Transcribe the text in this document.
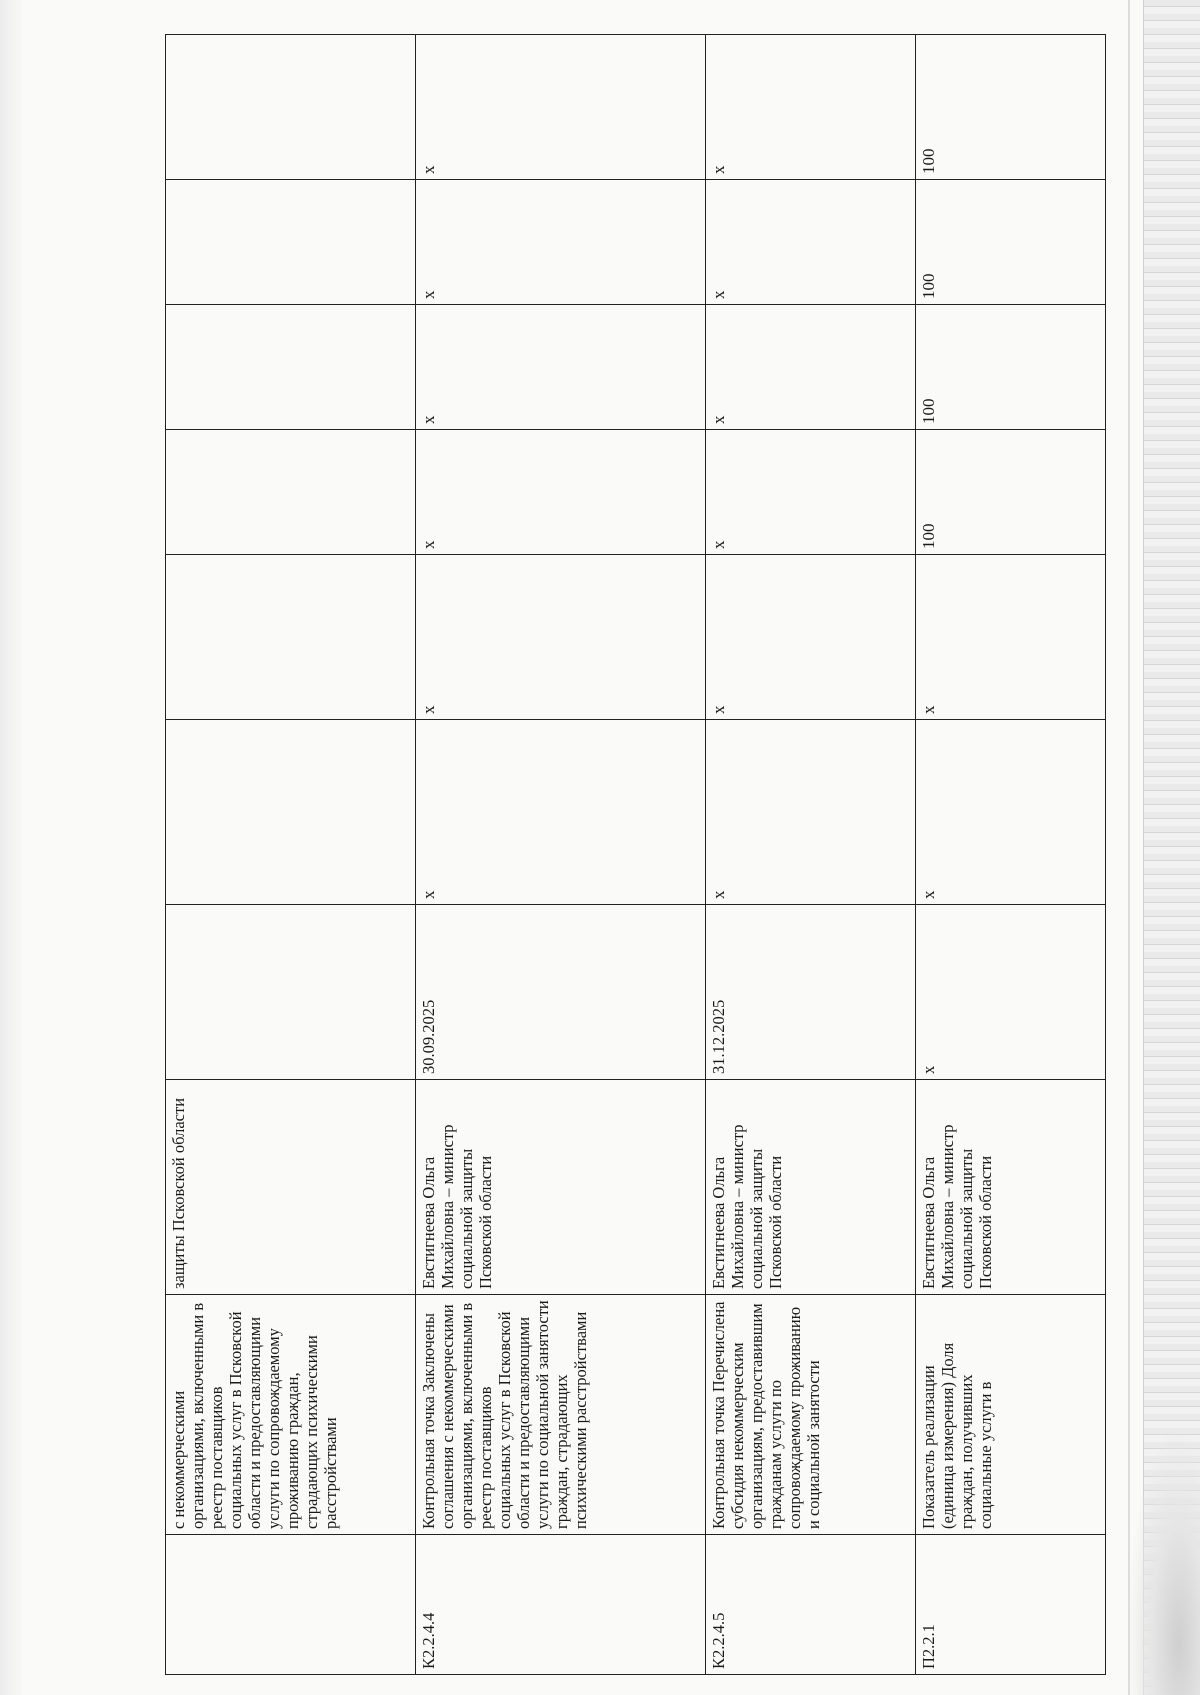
	с некоммерческими организациями, включенными в реестр поставщиков социальных услуг в Псковской области и предоставляющими услуги по сопровождаемому проживанию граждан, страдающих психическими расстройствами	защиты Псковской области							
К2.2.4.4	Контрольная точка Заключены соглашения с некоммерческими организациями, включенными в реестр поставщиков социальных услуг в Псковской области и предоставляющими услуги по социальной занятости граждан, страдающих психическими расстройствами	Евстигнеева Ольга Михайловна – министр социальной защиты Псковской области	30.09.2025	x	x	x	x	x	x
К2.2.4.5	Контрольная точка Перечислена субсидия некоммерческим организациям, предоставившим гражданам услуги по сопровождаемому проживанию и социальной занятости	Евстигнеева Ольга Михайловна – министр социальной защиты Псковской области	31.12.2025	x	x	x	x	x	x
П2.2.1	Показатель реализации (единица измерения) Доля граждан, получивших социальные услуги в	Евстигнеева Ольга Михайловна – министр социальной защиты Псковской области	x	x	x	100	100	100	100
